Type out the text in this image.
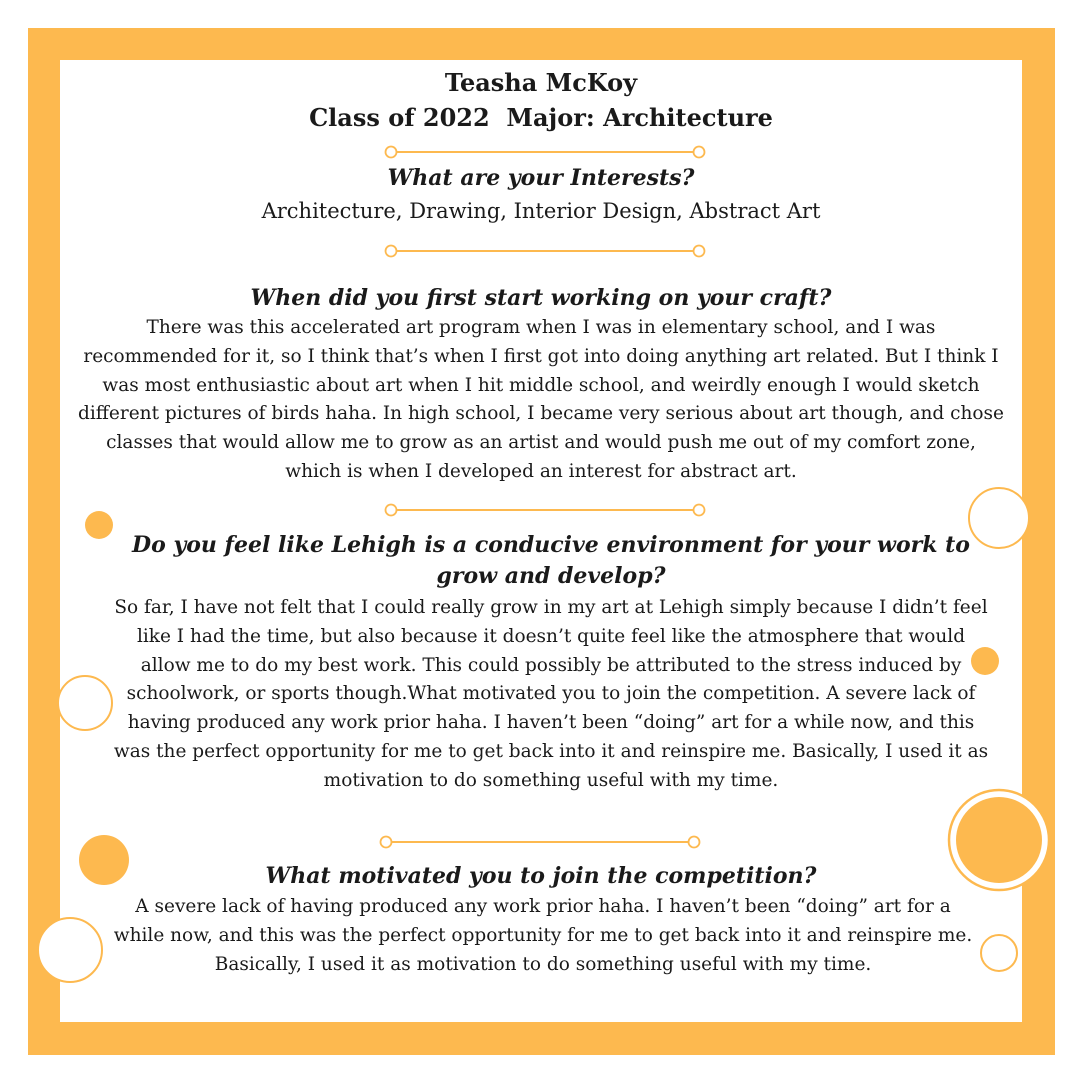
Teasha McKoy

Class of 2022  Major: Architecture

What are your Interests?

Architecture, Drawing, Interior Design, Abstract Art

When did you first start working on your craft?

There was this accelerated art program when I was in elementary school, and I was recommended for it, so I think that’s when I first got into doing anything art related. But I think I was most enthusiastic about art when I hit middle school, and weirdly enough I would sketch different pictures of birds haha. In high school, I became very serious about art though, and chose classes that would allow me to grow as an artist and would push me out of my comfort zone, which is when I developed an interest for abstract art.

Do you feel like Lehigh is a conducive environment for your work to grow and develop?

So far, I have not felt that I could really grow in my art at Lehigh simply because I didn’t feel like I had the time, but also because it doesn’t quite feel like the atmosphere that would allow me to do my best work. This could possibly be attributed to the stress induced by schoolwork, or sports though.What motivated you to join the competition. A severe lack of having produced any work prior haha. I haven’t been “doing” art for a while now, and this was the perfect opportunity for me to get back into it and reinspire me. Basically, I used it as motivation to do something useful with my time.

What motivated you to join the competition?

A severe lack of having produced any work prior haha. I haven’t been “doing” art for a while now, and this was the perfect opportunity for me to get back into it and reinspire me. Basically, I used it as motivation to do something useful with my time.
